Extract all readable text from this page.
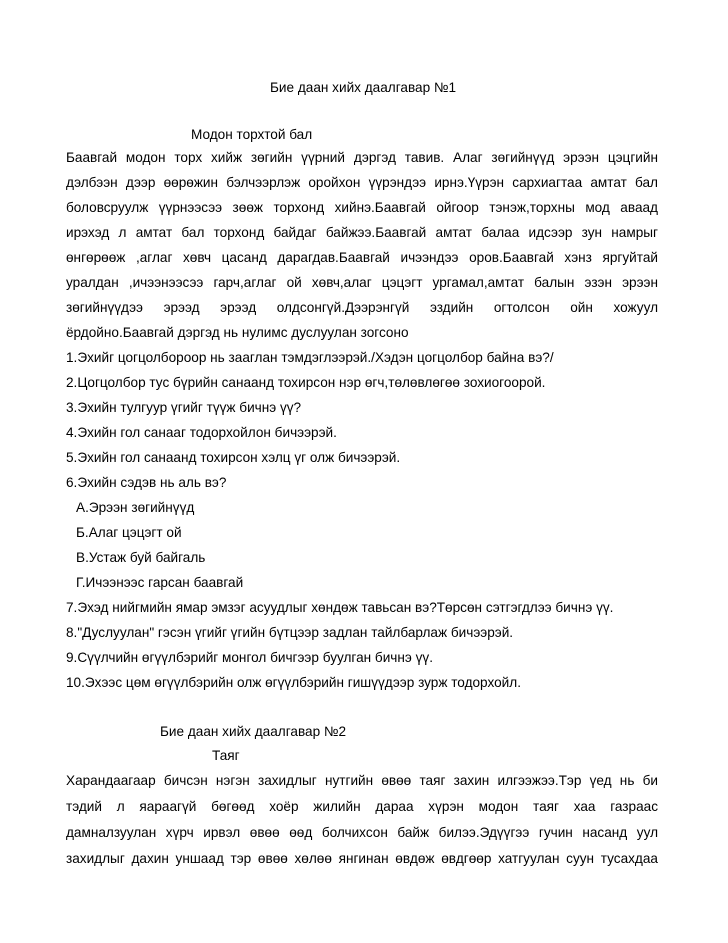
Бие даан хийх даалгавар №1
Модон торхтой бал
Баавгай модон торх хийж зөгийн үүрний дэргэд тавив. Алаг зөгийнүүд эрээн цэцгийн
дэлбээн дээр өөрөжин бэлчээрлэж оройхон үүрэндээ ирнэ.Үүрэн сархиагтаа амтат бал
боловсруулж үүрнээсээ зөөж торхонд хийнэ.Баавгай ойгоор тэнэж,торхны мод аваад
ирэхэд л амтат бал торхонд байдаг байжээ.Баавгай амтат балаа идсээр зун намрыг
өнгөрөөж ,аглаг хөвч цасанд дарагдав.Баавгай ичээндээ оров.Баавгай хэнз яргуйтай
уралдан ,ичээнээсээ гарч,аглаг ой хөвч,алаг цэцэгт ургамал,амтат балын эзэн эрээн
зөгийнүүдээ эрээд эрээд олдсонгүй.Дээрэнгүй эздийн огтолсон ойн хожуул
ёрдойно.Баавгай дэргэд нь нулимс дуслуулан зогсоно
1.Эхийг цогцолбороор нь зааглан тэмдэглээрэй./Хэдэн цогцолбор байна вэ?/
2.Цогцолбор тус бүрийн санаанд тохирсон нэр өгч,төлөвлөгөө зохиогоорой.
3.Эхийн тулгуур үгийг түүж бичнэ үү?
4.Эхийн гол санааг тодорхойлон бичээрэй.
5.Эхийн гол санаанд тохирсон хэлц үг олж бичээрэй.
6.Эхийн сэдэв нь аль вэ?
А.Эрээн зөгийнүүд
Б.Алаг цэцэгт ой
В.Устаж буй байгаль
Г.Ичээнээс гарсан баавгай
7.Эхэд нийгмийн ямар эмзэг асуудлыг хөндөж тавьсан вэ?Төрсөн сэтгэгдлээ бичнэ үү.
8."Дуслуулан" гэсэн үгийг үгийн бүтцээр задлан тайлбарлаж бичээрэй.
9.Сүүлчийн өгүүлбэрийг монгол бичгээр буулган бичнэ үү.
10.Эхээс цөм өгүүлбэрийн олж өгүүлбэрийн гишүүдээр зурж тодорхойл.
Бие даан хийх даалгавар №2
Таяг
Харандаагаар бичсэн нэгэн захидлыг нутгийн өвөө таяг захин илгээжээ.Тэр үед нь би
тэдий л яараагүй бөгөөд хоёр жилийн дараа хүрэн модон таяг хаа газраас
дамналзуулан хүрч ирвэл өвөө өөд болчихсон байж билээ.Эдүүгээ гучин насанд уул
захидлыг дахин уншаад тэр өвөө хөлөө янгинан өвдөж өвдгөөр хатгуулан суун тусахдаа
